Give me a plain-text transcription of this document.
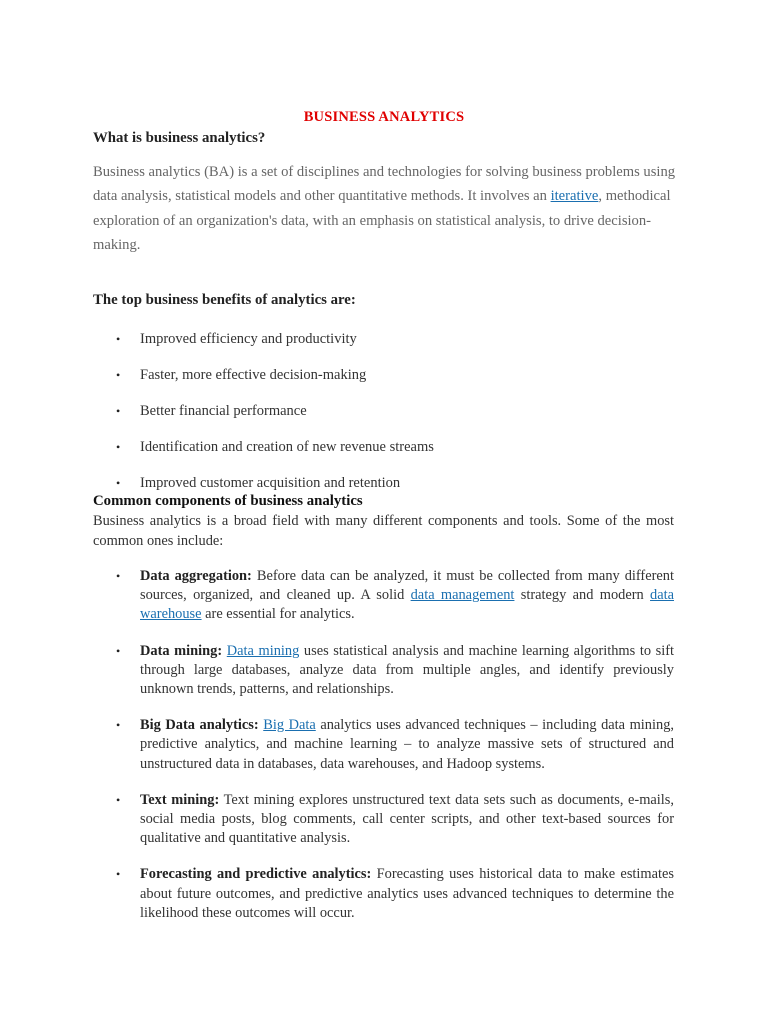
BUSINESS ANALYTICS
What is business analytics?

Business analytics (BA) is a set of disciplines and technologies for solving business problems using data analysis, statistical models and other quantitative methods. It involves an iterative, methodical exploration of an organization's data, with an emphasis on statistical analysis, to drive decision-making.

The top business benefits of analytics are:
• Improved efficiency and productivity
• Faster, more effective decision-making
• Better financial performance
• Identification and creation of new revenue streams
• Improved customer acquisition and retention
Common components of business analytics

Business analytics is a broad field with many different components and tools. Some of the most common ones include:

• Data aggregation: Before data can be analyzed, it must be collected from many different sources, organized, and cleaned up. A solid data management strategy and modern data warehouse are essential for analytics.
• Data mining: Data mining uses statistical analysis and machine learning algorithms to sift through large databases, analyze data from multiple angles, and identify previously unknown trends, patterns, and relationships.
• Big Data analytics: Big Data analytics uses advanced techniques – including data mining, predictive analytics, and machine learning – to analyze massive sets of structured and unstructured data in databases, data warehouses, and Hadoop systems.
• Text mining: Text mining explores unstructured text data sets such as documents, e-mails, social media posts, blog comments, call center scripts, and other text-based sources for qualitative and quantitative analysis.
• Forecasting and predictive analytics: Forecasting uses historical data to make estimates about future outcomes, and predictive analytics uses advanced techniques to determine the likelihood these outcomes will occur.
